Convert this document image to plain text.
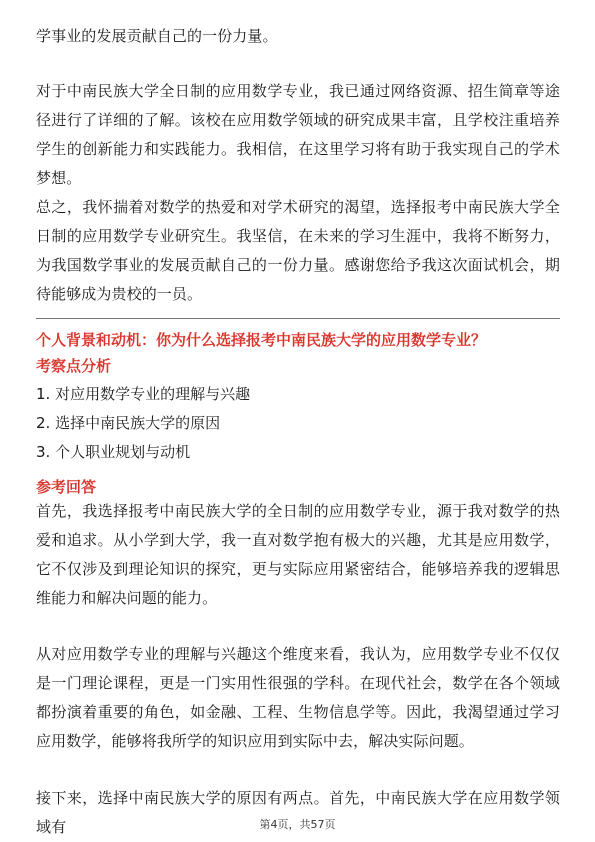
学事业的发展贡献自己的一份力量。

对于中南民族大学全日制的应用数学专业，我已通过网络资源、招生简章等途径进行了详细的了解。该校在应用数学领域的研究成果丰富，且学校注重培养学生的创新能力和实践能力。我相信，在这里学习将有助于我实现自己的学术梦想。

总之，我怀揣着对数学的热爱和对学术研究的渴望，选择报考中南民族大学全日制的应用数学专业研究生。我坚信，在未来的学习生涯中，我将不断努力，为我国数学事业的发展贡献自己的一份力量。感谢您给予我这次面试机会，期待能够成为贵校的一员。

个人背景和动机：你为什么选择报考中南民族大学的应用数学专业？

考察点分析

1. 对应用数学专业的理解与兴趣

2. 选择中南民族大学的原因

3. 个人职业规划与动机

参考回答

首先，我选择报考中南民族大学的全日制的应用数学专业，源于我对数学的热爱和追求。从小学到大学，我一直对数学抱有极大的兴趣，尤其是应用数学，它不仅涉及到理论知识的探究，更与实际应用紧密结合，能够培养我的逻辑思维能力和解决问题的能力。

从对应用数学专业的理解与兴趣这个维度来看，我认为，应用数学专业不仅仅是一门理论课程，更是一门实用性很强的学科。在现代社会，数学在各个领域都扮演着重要的角色，如金融、工程、生物信息学等。因此，我渴望通过学习应用数学，能够将我所学的知识应用到实际中去，解决实际问题。

接下来，选择中南民族大学的原因有两点。首先，中南民族大学在应用数学领域有	第4页，共57页
